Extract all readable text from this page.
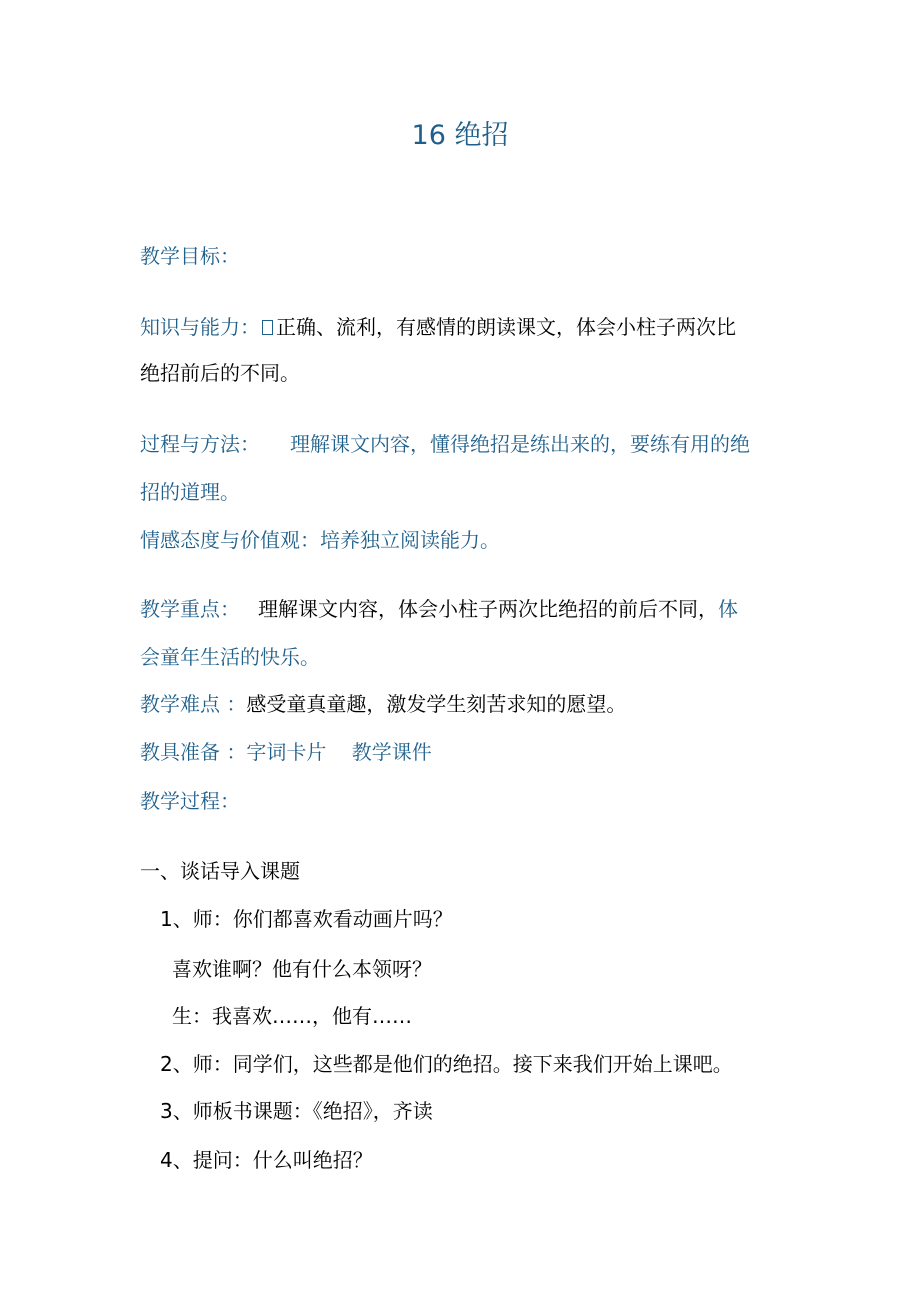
16 绝招
教学目标：
知识与能力： 正确、流利，有感情的朗读课文，体会小柱子两次比
绝招前后的不同。
过程与方法： 理解课文内容，懂得绝招是练出来的，要练有用的绝
招的道理。
情感态度与价值观：培养独立阅读能力。
教学重点： 理解课文内容，体会小柱子两次比绝招的前后不同，体
会童年生活的快乐。
教学难点 ：感受童真童趣，激发学生刻苦求知的愿望。
教具准备 ：字词卡片    教学课件
教学过程：
一、谈话导入课题
1、师：你们都喜欢看动画片吗？
喜欢谁啊？他有什么本领呀？
生：我喜欢……，他有……
2、师：同学们，这些都是他们的绝招。接下来我们开始上课吧。
3、师板书课题：《绝招》，齐读
4、提问：什么叫绝招？
